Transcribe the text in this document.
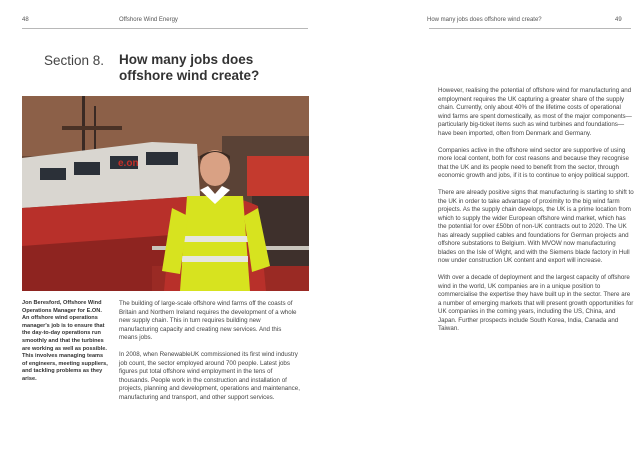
48	Offshore Wind Energy
Section 8. How many jobs does offshore wind create?
e.on
Jon Beresford, Offshore Wind Operations Manager for E.ON. An offshore wind operations manager's job is to ensure that the day-to-day operations run smoothly and that the turbines are working as well as possible. This involves managing teams of engineers, meeting suppliers, and tackling problems as they arise.

The building of large-scale offshore wind farms off the coasts of Britain and Northern Ireland requires the development of a whole new supply chain. This in turn requires building new manufacturing capacity and creating new services. And this means jobs.

In 2008, when RenewableUK commissioned its first wind industry job count, the sector employed around 700 people. Latest jobs figures put total offshore wind employment in the tens of thousands. People work in the construction and installation of projects, planning and development, operations and maintenance, manufacturing and transport, and other support services.

How many jobs does offshore wind create?	49

However, realising the potential of offshore wind for manufacturing and employment requires the UK capturing a greater share of the supply chain. Currently, only about 40% of the lifetime costs of operational wind farms are spent domestically, as most of the major components—particularly big-ticket items such as wind turbines and foundations—have been imported, often from Denmark and Germany.

Companies active in the offshore wind sector are supportive of using more local content, both for cost reasons and because they recognise that the UK and its people need to benefit from the sector, through economic growth and jobs, if it is to continue to enjoy political support.

There are already positive signs that manufacturing is starting to shift to the UK in order to take advantage of proximity to the big wind farm projects. As the supply chain develops, the UK is a prime location from which to supply the wider European offshore wind market, which has the potential for over £50bn of non-UK contracts out to 2020. The UK has already supplied cables and foundations for German projects and offshore substations to Belgium. With MVOW now manufacturing blades on the Isle of Wight, and with the Siemens blade factory in Hull now under construction UK content and export will increase.

With over a decade of deployment and the largest capacity of offshore wind in the world, UK companies are in a unique position to commercialise the expertise they have built up in the sector. There are a number of emerging markets that will present growth opportunities for UK companies in the coming years, including the US, China, and Japan. Further prospects include South Korea, India, Canada and Taiwan.
